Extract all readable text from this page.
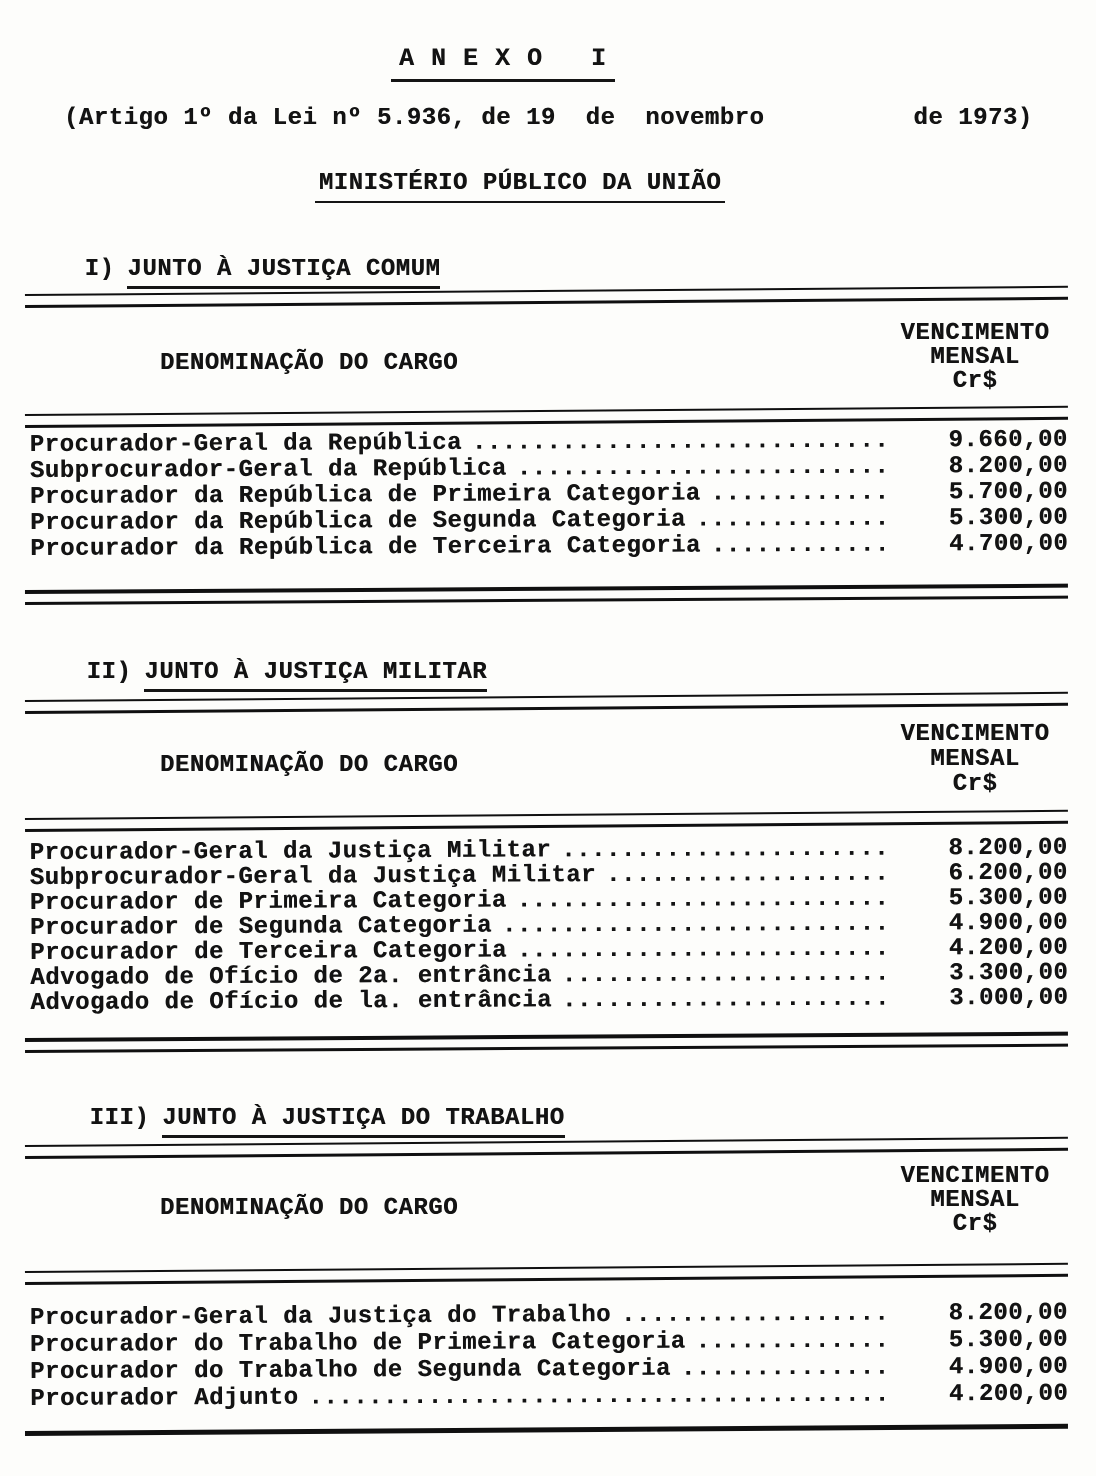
A N E X O   I
(Artigo 1º da Lei nº 5.936, de 19  de  novembro          de 1973)
MINISTÉRIO PÚBLICO DA UNIÃO

I) JUNTO À JUSTIÇA COMUM

VENCIMENTO
MENSAL
Cr$
DENOMINAÇÃO DO CARGO
Procurador-Geral da República .....	9.660,00
Subprocurador-Geral da República .....	8.200,00
Procurador da República de Primeira Categoria .....	5.700,00
Procurador da República de Segunda Categoria .....	5.300,00
Procurador da República de Terceira Categoria .....	4.700,00

II) JUNTO À JUSTIÇA MILITAR

VENCIMENTO
MENSAL
Cr$
DENOMINAÇÃO DO CARGO
Procurador-Geral da Justiça Militar .....	8.200,00
Subprocurador-Geral da Justiça Militar .....	6.200,00
Procurador de Primeira Categoria .....	5.300,00
Procurador de Segunda Categoria .....	4.900,00
Procurador de Terceira Categoria .....	4.200,00
Advogado de Ofício de 2a. entrância .....	3.300,00
Advogado de Ofício de la. entrância .....	3.000,00

III) JUNTO À JUSTIÇA DO TRABALHO

VENCIMENTO
MENSAL
Cr$
DENOMINAÇÃO DO CARGO
Procurador-Geral da Justiça do Trabalho .....	8.200,00
Procurador do Trabalho de Primeira Categoria .....	5.300,00
Procurador do Trabalho de Segunda Categoria .....	4.900,00
Procurador Adjunto .....	4.200,00
